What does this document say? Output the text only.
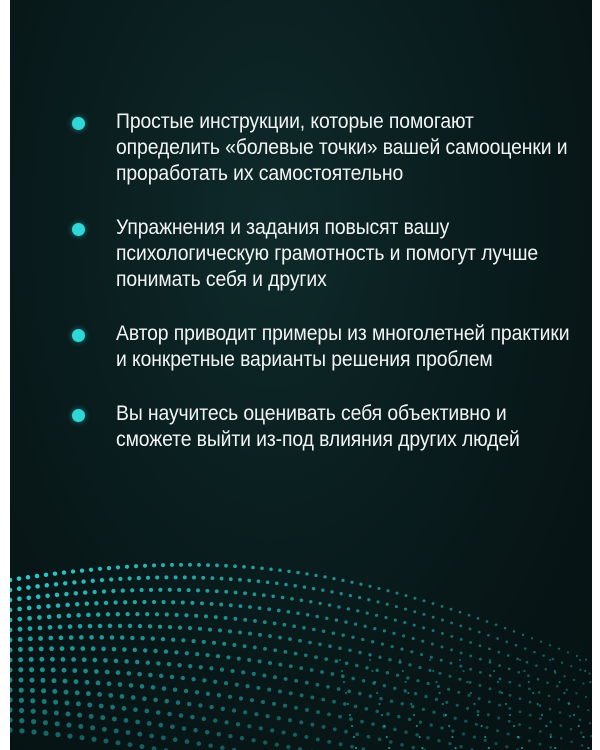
Простые инструкции, которые помогают определить «болевые точки» вашей самооценки и проработать их самостоятельно
Упражнения и задания повысят вашу психологическую грамотность и помогут лучше понимать себя и других
Автор приводит примеры из многолетней практики и конкретные варианты решения проблем
Вы научитесь оценивать себя объективно и сможете выйти из-под влияния других людей
